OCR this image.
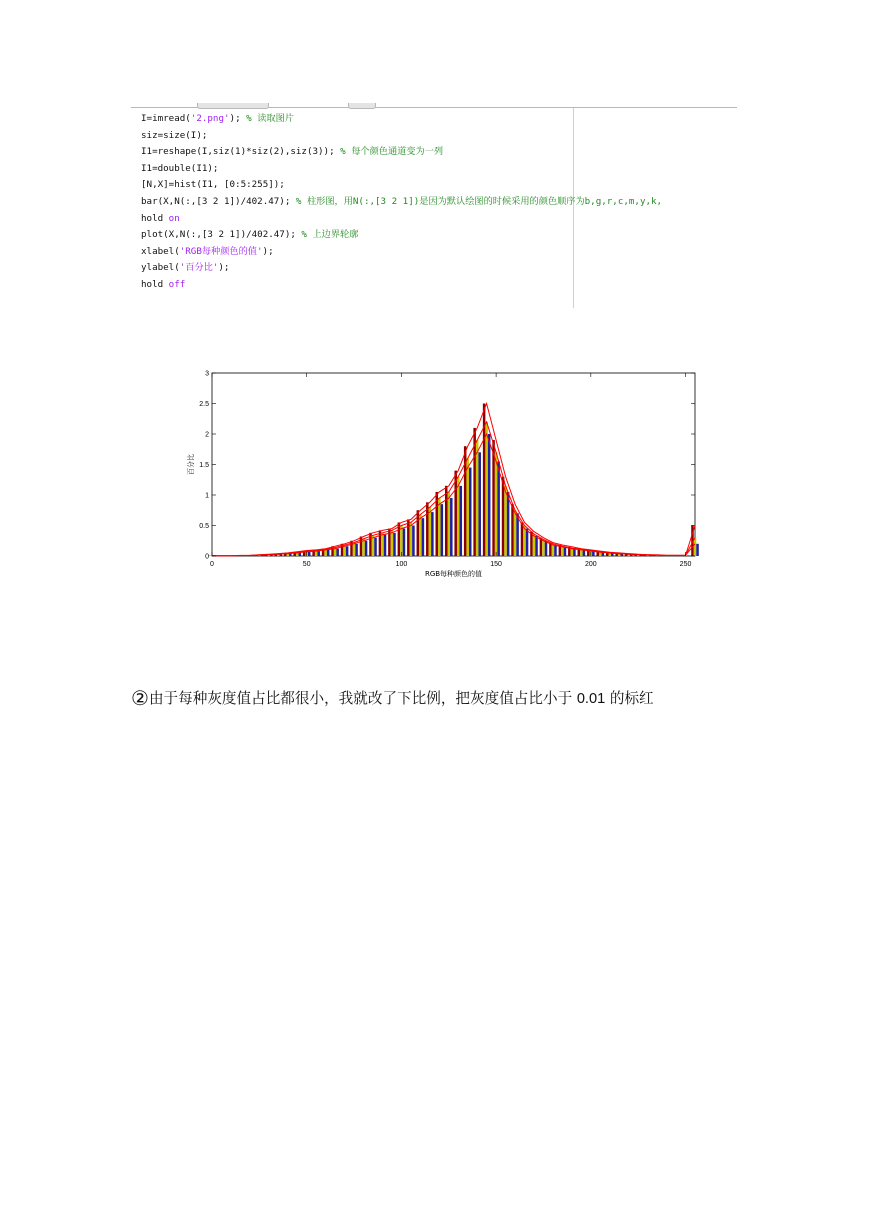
I=imread('2.png'); % 读取图片
siz=size(I);
I1=reshape(I,siz(1)*siz(2),siz(3)); % 每个颜色通道变为一列
I1=double(I1);
[N,X]=hist(I1, [0:5:255]);
bar(X,N(:,[3 2 1])/402.47); % 柱形图，用N(:,[3 2 1])是因为默认绘图的时候采用的颜色顺序为b,g,r,c,m,y,k,
hold on
plot(X,N(:,[3 2 1])/402.47); % 上边界轮廓
xlabel('RGB每种颜色的值');
ylabel('百分比');
hold off
0
0.5
1
1.5
2
2.5
3
0	50	100	150	200	250
RGB每种颜色的值
百分比
②由于每种灰度值占比都很小，我就改了下比例，把灰度值占比小于 0.01 的标红
